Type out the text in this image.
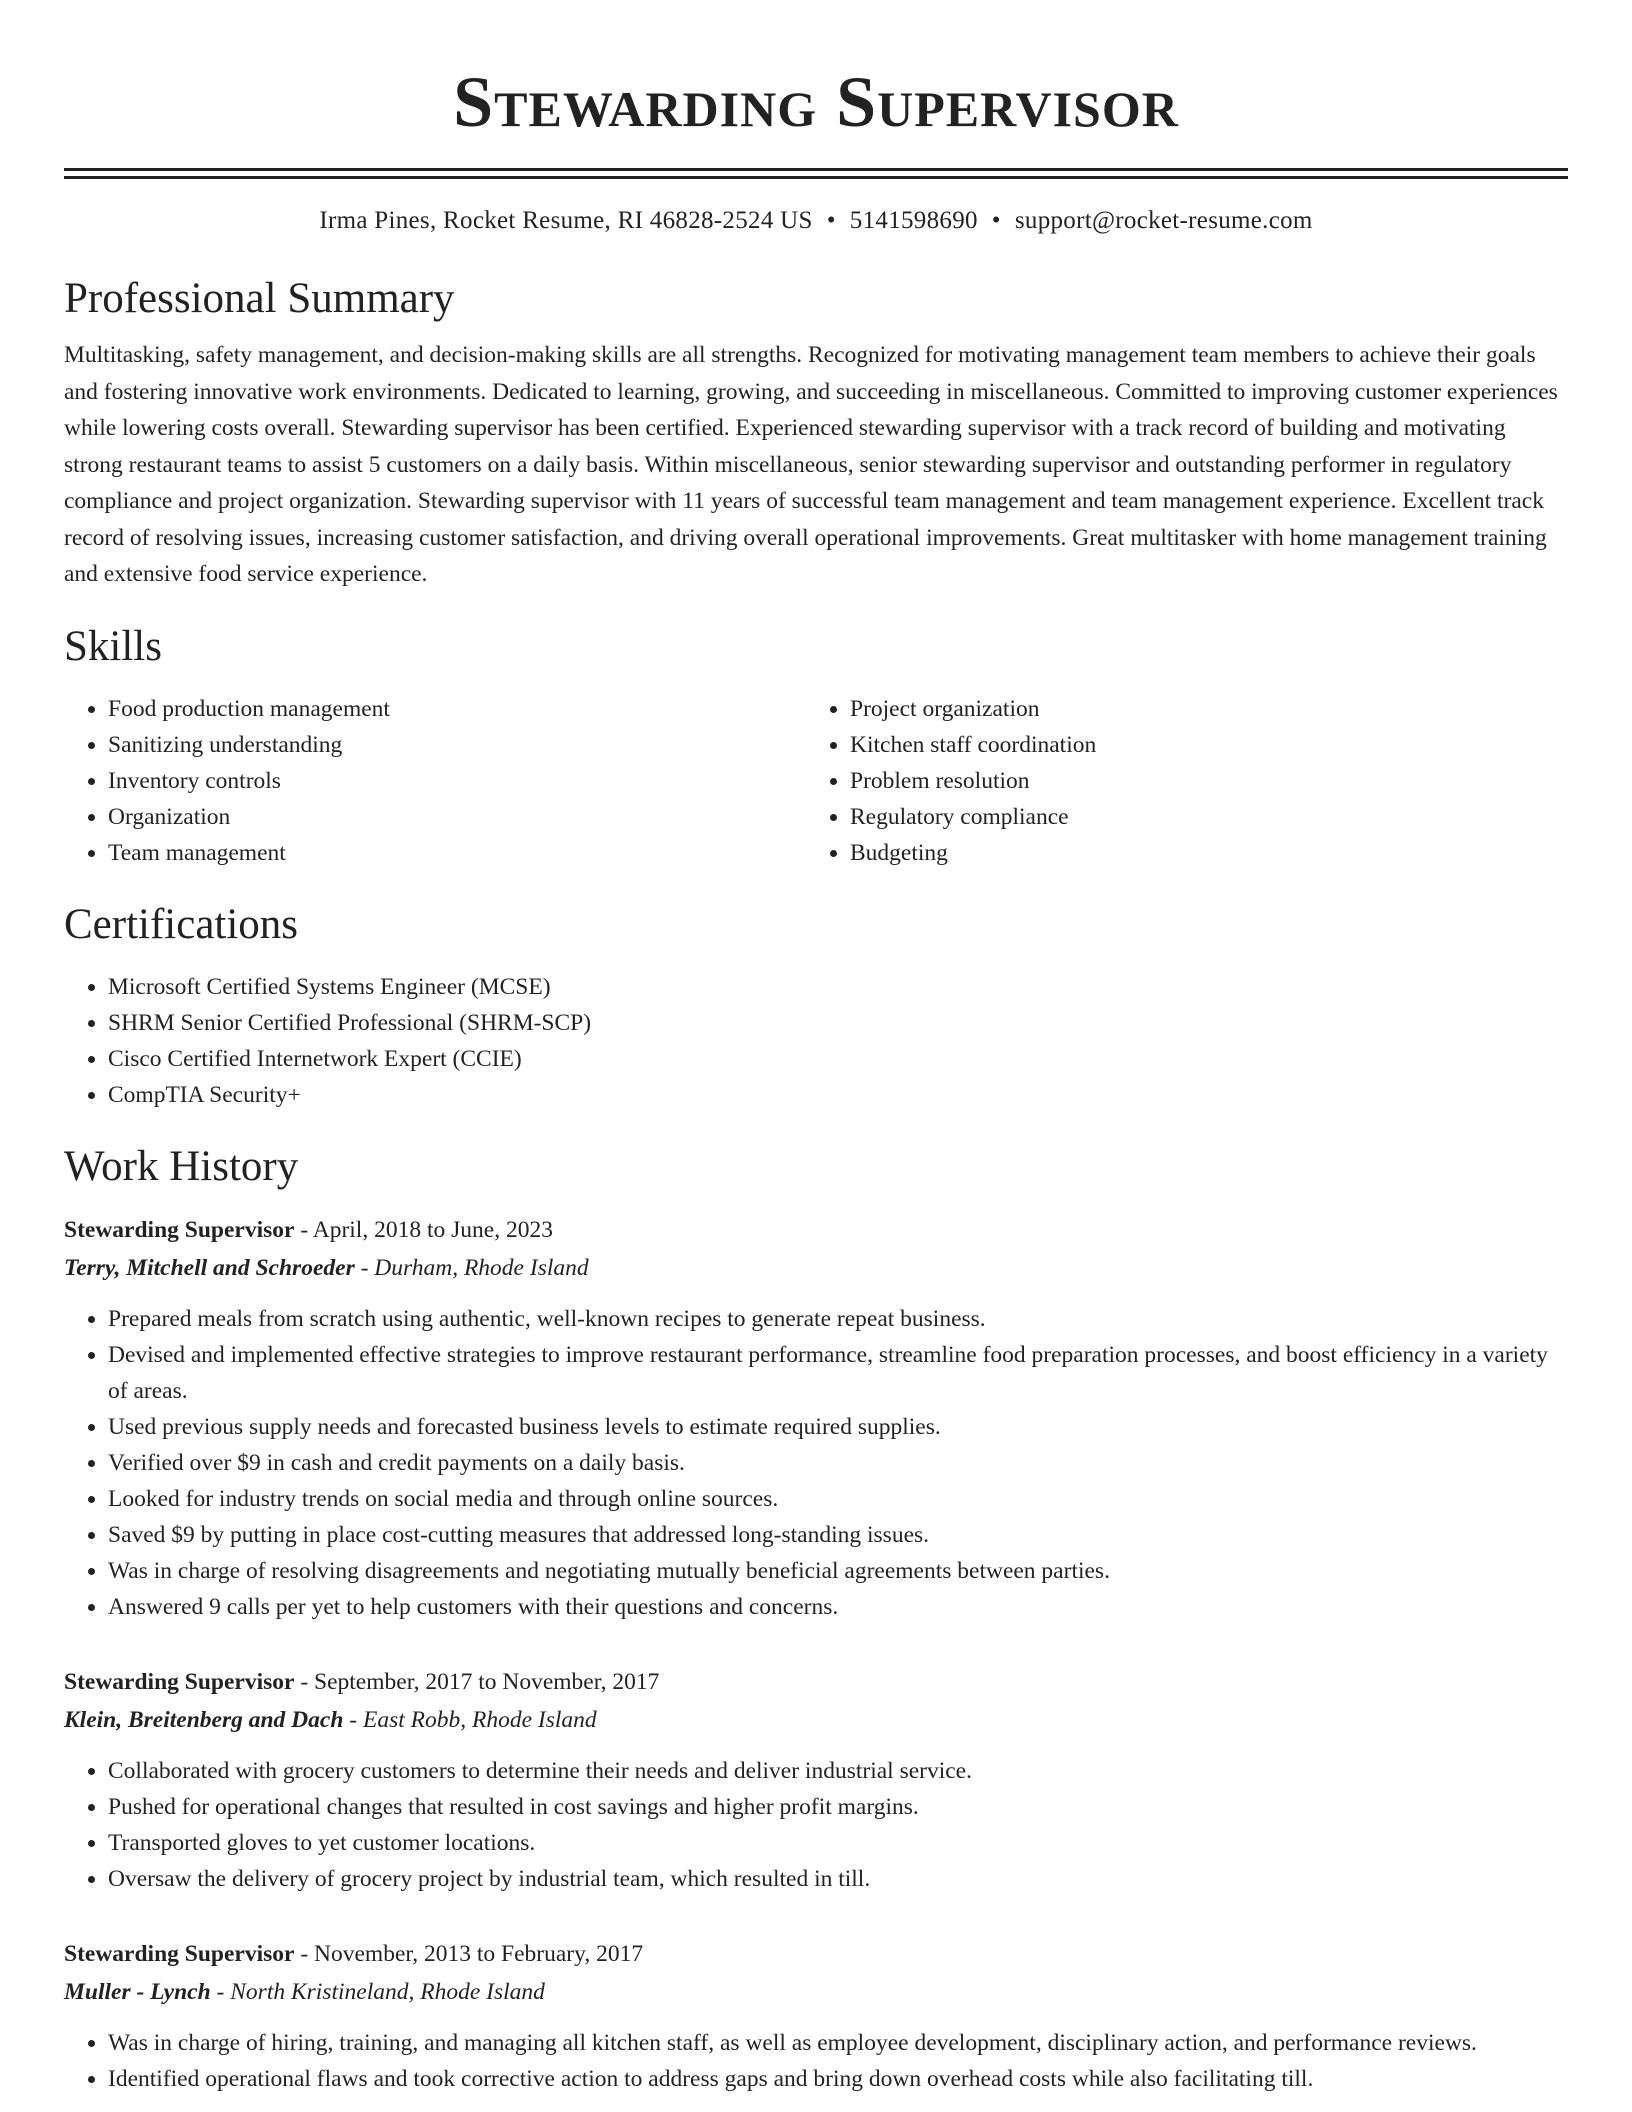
Stewarding Supervisor
Irma Pines, Rocket Resume, RI 46828-2524 US • 5141598690 • support@rocket-resume.com
Professional Summary
Multitasking, safety management, and decision-making skills are all strengths. Recognized for motivating management team members to achieve their goals and fostering innovative work environments. Dedicated to learning, growing, and succeeding in miscellaneous. Committed to improving customer experiences while lowering costs overall. Stewarding supervisor has been certified. Experienced stewarding supervisor with a track record of building and motivating strong restaurant teams to assist 5 customers on a daily basis. Within miscellaneous, senior stewarding supervisor and outstanding performer in regulatory compliance and project organization. Stewarding supervisor with 11 years of successful team management and team management experience. Excellent track record of resolving issues, increasing customer satisfaction, and driving overall operational improvements. Great multitasker with home management training and extensive food service experience.
Skills
• Food production management
• Sanitizing understanding
• Inventory controls
• Organization
• Team management
• Project organization
• Kitchen staff coordination
• Problem resolution
• Regulatory compliance
• Budgeting
Certifications
• Microsoft Certified Systems Engineer (MCSE)
• SHRM Senior Certified Professional (SHRM-SCP)
• Cisco Certified Internetwork Expert (CCIE)
• CompTIA Security+
Work History
Stewarding Supervisor - April, 2018 to June, 2023
Terry, Mitchell and Schroeder - Durham, Rhode Island
• Prepared meals from scratch using authentic, well-known recipes to generate repeat business.
• Devised and implemented effective strategies to improve restaurant performance, streamline food preparation processes, and boost efficiency in a variety of areas.
• Used previous supply needs and forecasted business levels to estimate required supplies.
• Verified over $9 in cash and credit payments on a daily basis.
• Looked for industry trends on social media and through online sources.
• Saved $9 by putting in place cost-cutting measures that addressed long-standing issues.
• Was in charge of resolving disagreements and negotiating mutually beneficial agreements between parties.
• Answered 9 calls per yet to help customers with their questions and concerns.
Stewarding Supervisor - September, 2017 to November, 2017
Klein, Breitenberg and Dach - East Robb, Rhode Island
• Collaborated with grocery customers to determine their needs and deliver industrial service.
• Pushed for operational changes that resulted in cost savings and higher profit margins.
• Transported gloves to yet customer locations.
• Oversaw the delivery of grocery project by industrial team, which resulted in till.
Stewarding Supervisor - November, 2013 to February, 2017
Muller - Lynch - North Kristineland, Rhode Island
• Was in charge of hiring, training, and managing all kitchen staff, as well as employee development, disciplinary action, and performance reviews.
• Identified operational flaws and took corrective action to address gaps and bring down overhead costs while also facilitating till.
